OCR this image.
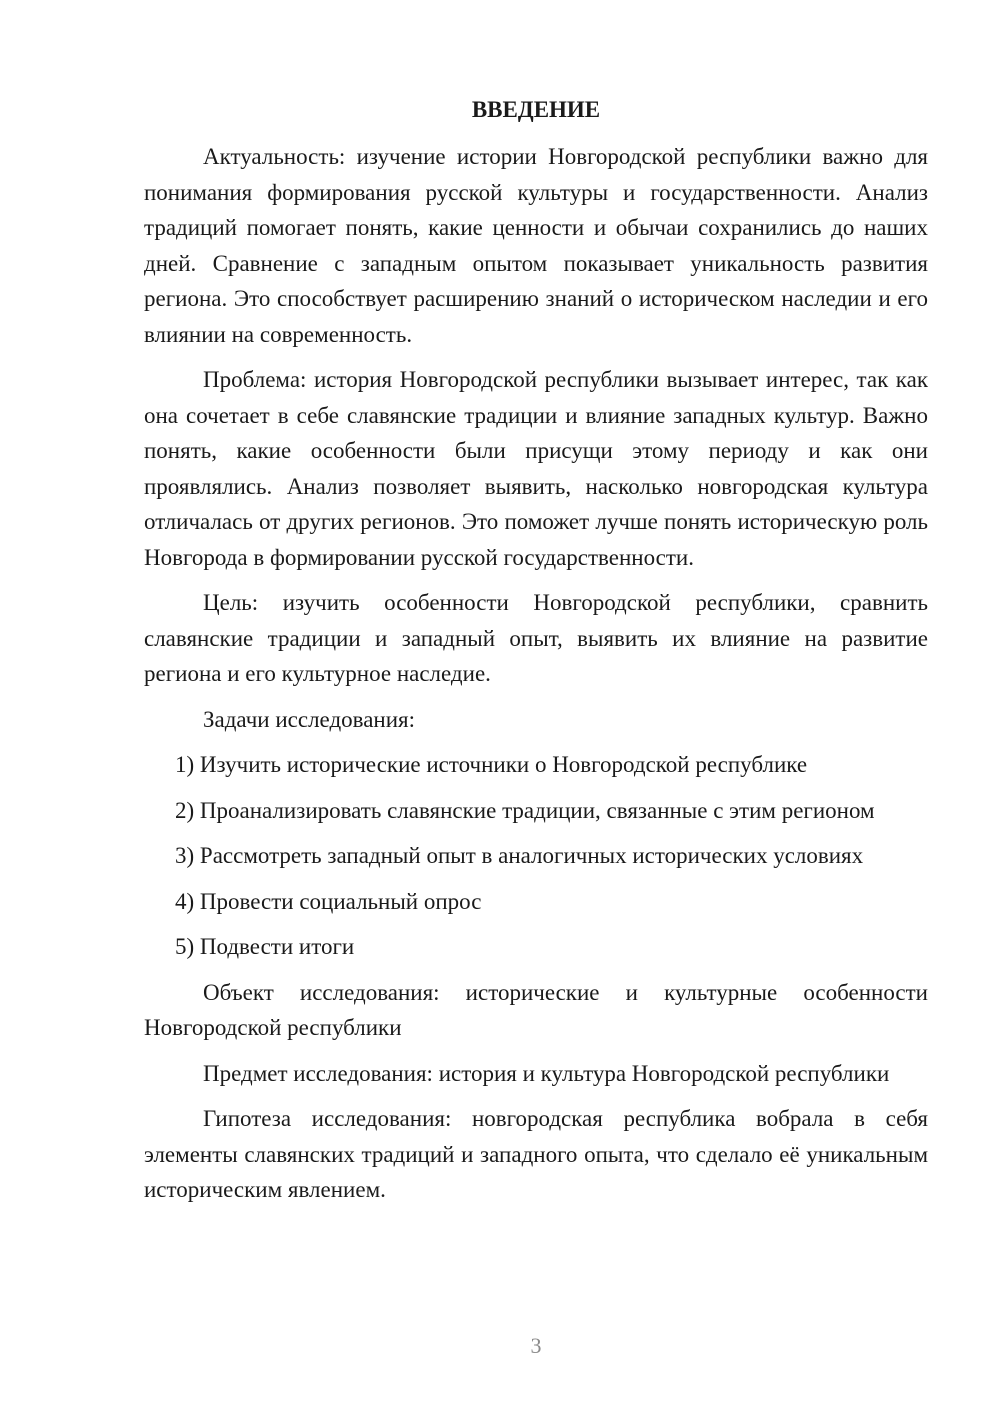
ВВЕДЕНИЕ

Актуальность: изучение истории Новгородской республики важно для понимания формирования русской культуры и государственности. Анализ традиций помогает понять, какие ценности и обычаи сохранились до наших дней. Сравнение с западным опытом показывает уникальность развития региона. Это способствует расширению знаний о историческом наследии и его влиянии на современность.

Проблема: история Новгородской республики вызывает интерес, так как она сочетает в себе славянские традиции и влияние западных культур. Важно понять, какие особенности были присущи этому периоду и как они проявлялись. Анализ позволяет выявить, насколько новгородская культура отличалась от других регионов. Это поможет лучше понять историческую роль Новгорода в формировании русской государственности.

Цель: изучить особенности Новгородской республики, сравнить славянские традиции и западный опыт, выявить их влияние на развитие региона и его культурное наследие.

Задачи исследования:

1) Изучить исторические источники о Новгородской республике

2) Проанализировать славянские традиции, связанные с этим регионом

3) Рассмотреть западный опыт в аналогичных исторических условиях

4) Провести социальный опрос

5) Подвести итоги

Объект исследования: исторические и культурные особенности Новгородской республики

Предмет исследования: история и культура Новгородской республики

Гипотеза исследования: новгородская республика вобрала в себя элементы славянских традиций и западного опыта, что сделало её уникальным историческим явлением.

3
